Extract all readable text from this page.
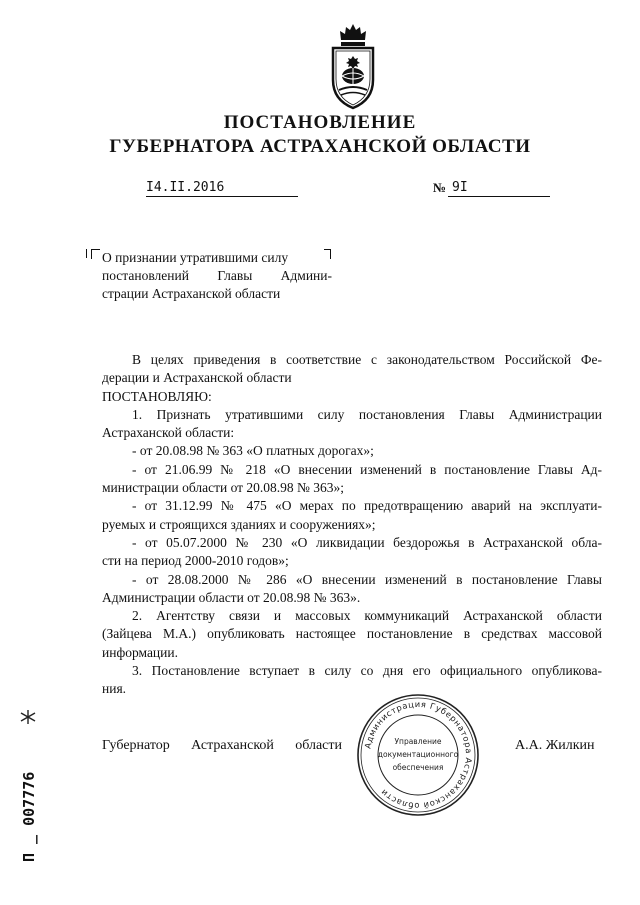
ПОСТАНОВЛЕНИЕ
ГУБЕРНАТОРА АСТРАХАНСКОЙ ОБЛАСТИ
I4.II.2016	№ 9I
О признании утратившими силу
постановлений Главы Админи-
страции Астраханской области
В целях приведения в соответствие с законодательством Российской Фе-
дерации и Астраханской области
ПОСТАНОВЛЯЮ:
1. Признать утратившими силу постановления Главы Администрации
Астраханской области:
- от 20.08.98 № 363 «О платных дорогах»;
- от 21.06.99 № 218 «О внесении изменений в постановление Главы Ад-
министрации области от 20.08.98 № 363»;
- от 31.12.99 № 475 «О мерах по предотвращению аварий на эксплуати-
руемых и строящихся зданиях и сооружениях»;
- от 05.07.2000 № 230 «О ликвидации бездорожья в Астраханской обла-
сти на период 2000-2010 годов»;
- от 28.08.2000 № 286 «О внесении изменений в постановление Главы
Администрации области от 20.08.98 № 363».
2. Агентству связи и массовых коммуникаций Астраханской области
(Зайцева М.А.) опубликовать настоящее постановление в средствах массовой
информации.
3. Постановление вступает в силу со дня его официального опубликова-
ния.
Губернатор Астраханской области	А.А. Жилкин
Администрация Губернатора Астраханской области
Управление
документационного
обеспечения
П _ 007776
